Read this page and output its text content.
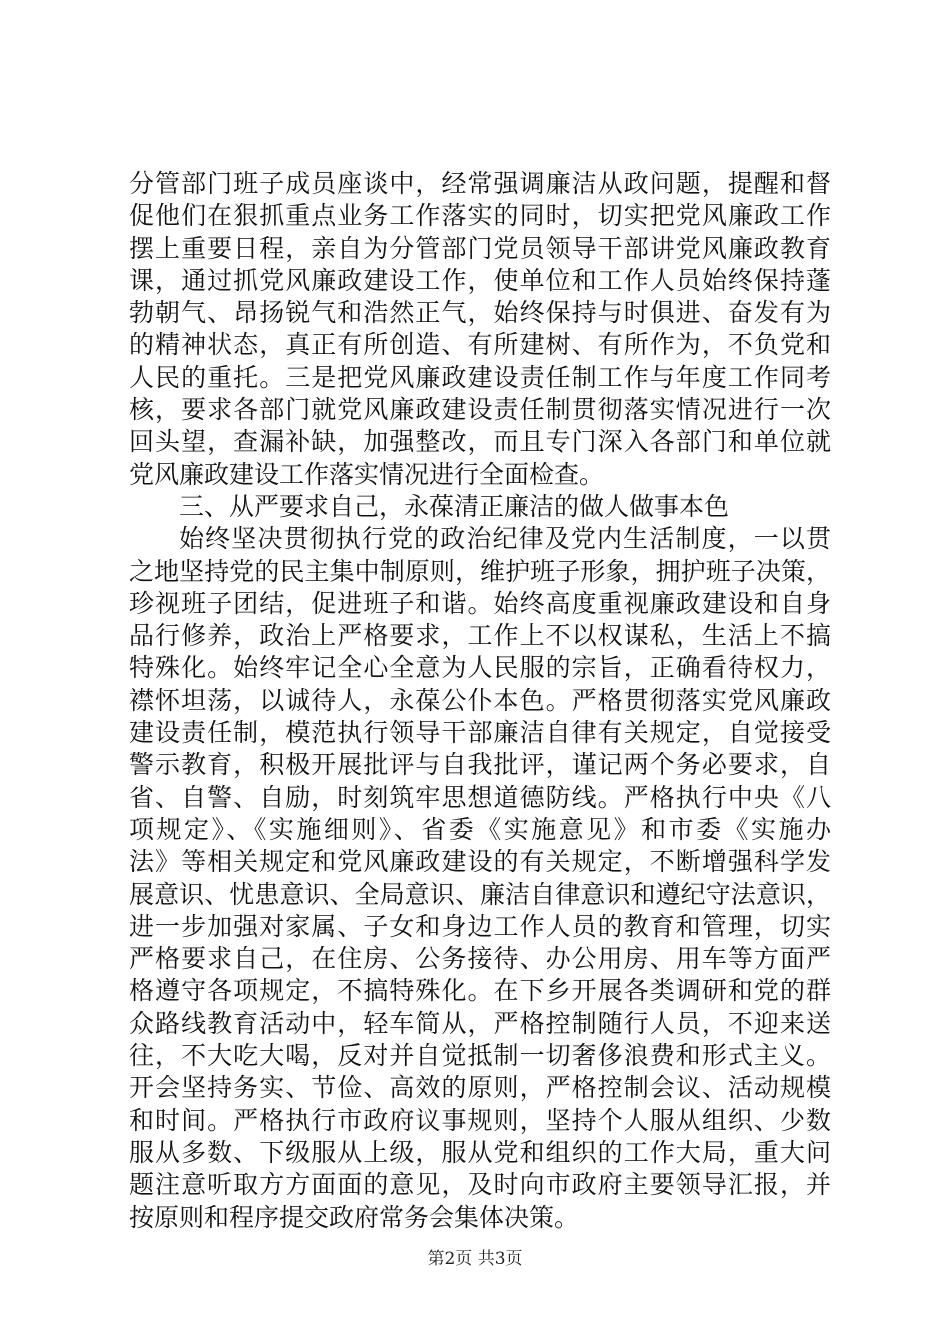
分管部门班子成员座谈中，经常强调廉洁从政问题，提醒和督
促他们在狠抓重点业务工作落实的同时，切实把党风廉政工作
摆上重要日程，亲自为分管部门党员领导干部讲党风廉政教育
课，通过抓党风廉政建设工作，使单位和工作人员始终保持蓬
勃朝气、昂扬锐气和浩然正气，始终保持与时俱进、奋发有为
的精神状态，真正有所创造、有所建树、有所作为，不负党和
人民的重托。三是把党风廉政建设责任制工作与年度工作同考
核，要求各部门就党风廉政建设责任制贯彻落实情况进行一次
回头望，查漏补缺，加强整改，而且专门深入各部门和单位就
党风廉政建设工作落实情况进行全面检查。
三、从严要求自己，永葆清正廉洁的做人做事本色
始终坚决贯彻执行党的政治纪律及党内生活制度，一以贯
之地坚持党的民主集中制原则，维护班子形象，拥护班子决策，
珍视班子团结，促进班子和谐。始终高度重视廉政建设和自身
品行修养，政治上严格要求，工作上不以权谋私，生活上不搞
特殊化。始终牢记全心全意为人民服的宗旨，正确看待权力，
襟怀坦荡，以诚待人，永葆公仆本色。严格贯彻落实党风廉政
建设责任制，模范执行领导干部廉洁自律有关规定，自觉接受
警示教育，积极开展批评与自我批评，谨记两个务必要求，自
省、自警、自励，时刻筑牢思想道德防线。严格执行中央《八
项规定》、《实施细则》、省委《实施意见》和市委《实施办
法》等相关规定和党风廉政建设的有关规定，不断增强科学发
展意识、忧患意识、全局意识、廉洁自律意识和遵纪守法意识，
进一步加强对家属、子女和身边工作人员的教育和管理，切实
严格要求自己，在住房、公务接待、办公用房、用车等方面严
格遵守各项规定，不搞特殊化。在下乡开展各类调研和党的群
众路线教育活动中，轻车简从，严格控制随行人员，不迎来送
往，不大吃大喝，反对并自觉抵制一切奢侈浪费和形式主义。
开会坚持务实、节俭、高效的原则，严格控制会议、活动规模
和时间。严格执行市政府议事规则，坚持个人服从组织、少数
服从多数、下级服从上级，服从党和组织的工作大局，重大问
题注意听取方方面面的意见，及时向市政府主要领导汇报，并
按原则和程序提交政府常务会集体决策。
第2页 共3页
